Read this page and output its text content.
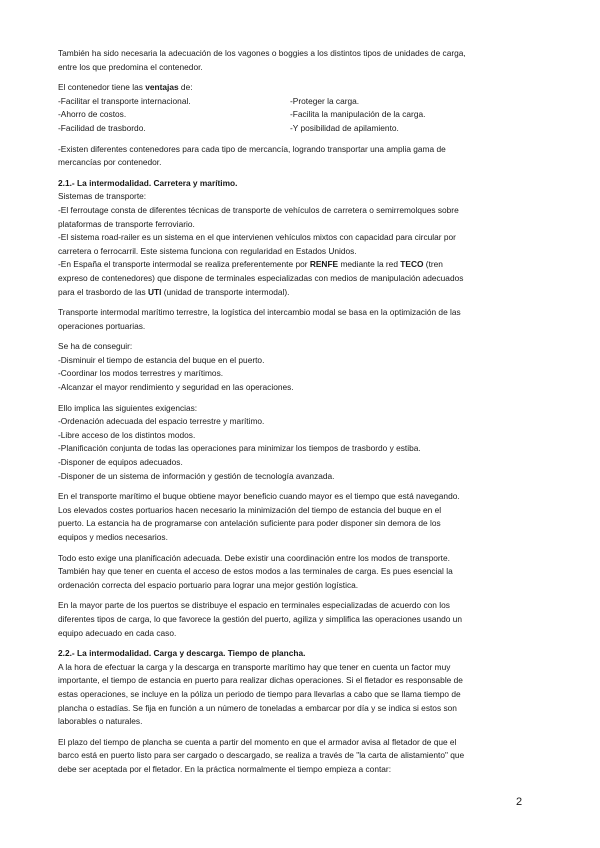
También ha sido necesaria la adecuación de los vagones o boggies a los distintos tipos de unidades de carga,
entre los que predomina el contenedor.

El contenedor tiene las ventajas de:
-Facilitar el transporte internacional.
-Ahorro de costos.
-Facilidad de trasbordo.
-Proteger la carga.
-Facilita la manipulación de la carga.
-Y posibilidad de apilamiento.

-Existen diferentes contenedores para cada tipo de mercancía, logrando transportar una amplia gama de
mercancías por contenedor.

2.1.- La intermodalidad. Carretera y marítimo.
Sistemas de transporte:
-El ferroutage consta de diferentes técnicas de transporte de vehículos de carretera o semirremolques sobre
plataformas de transporte ferroviario.
-El sistema road-railer es un sistema en el que intervienen vehículos mixtos con capacidad para circular por
carretera o ferrocarril. Este sistema funciona con regularidad en Estados Unidos.
-En España el transporte intermodal se realiza preferentemente por RENFE mediante la red TECO (tren
expreso de contenedores) que dispone de terminales especializadas con medios de manipulación adecuados
para el trasbordo de las UTI (unidad de transporte intermodal).
Transporte intermodal marítimo terrestre, la logística del intercambio modal se basa en la optimización de las
operaciones portuarias.
Se ha de conseguir:
-Disminuir el tiempo de estancia del buque en el puerto.
-Coordinar los modos terrestres y marítimos.
-Alcanzar el mayor rendimiento y seguridad en las operaciones.
Ello implica las siguientes exigencias:
-Ordenación adecuada del espacio terrestre y marítimo.
-Libre acceso de los distintos modos.
-Planificación conjunta de todas las operaciones para minimizar los tiempos de trasbordo y estiba.
-Disponer de equipos adecuados.
-Disponer de un sistema de información y gestión de tecnología avanzada.
En el transporte marítimo el buque obtiene mayor beneficio cuando mayor es el tiempo que está navegando.
Los elevados costes portuarios hacen necesario la minimización del tiempo de estancia del buque en el
puerto. La estancia ha de programarse con antelación suficiente para poder disponer sin demora de los
equipos y medios necesarios.
Todo esto exige una planificación adecuada. Debe existir una coordinación entre los modos de transporte.
También hay que tener en cuenta el acceso de estos modos a las terminales de carga. Es pues esencial la
ordenación correcta del espacio portuario para lograr una mejor gestión logística.
En la mayor parte de los puertos se distribuye el espacio en terminales especializadas de acuerdo con los
diferentes tipos de carga, lo que favorece la gestión del puerto, agiliza y simplifica las operaciones usando un
equipo adecuado en cada caso.
2.2.- La intermodalidad. Carga y descarga. Tiempo de plancha.
A la hora de efectuar la carga y la descarga en transporte marítimo hay que tener en cuenta un factor muy
importante, el tiempo de estancia en puerto para realizar dichas operaciones. Si el fletador es responsable de
estas operaciones, se incluye en la póliza un periodo de tiempo para llevarlas a cabo que se llama tiempo de
plancha o estadías. Se fija en función a un número de toneladas a embarcar por día y se indica si estos son
laborables o naturales.
El plazo del tiempo de plancha se cuenta a partir del momento en que el armador avisa al fletador de que el
barco está en puerto listo para ser cargado o descargado, se realiza a través de "la carta de alistamiento" que
debe ser aceptada por el fletador. En la práctica normalmente el tiempo empieza a contar:
2
